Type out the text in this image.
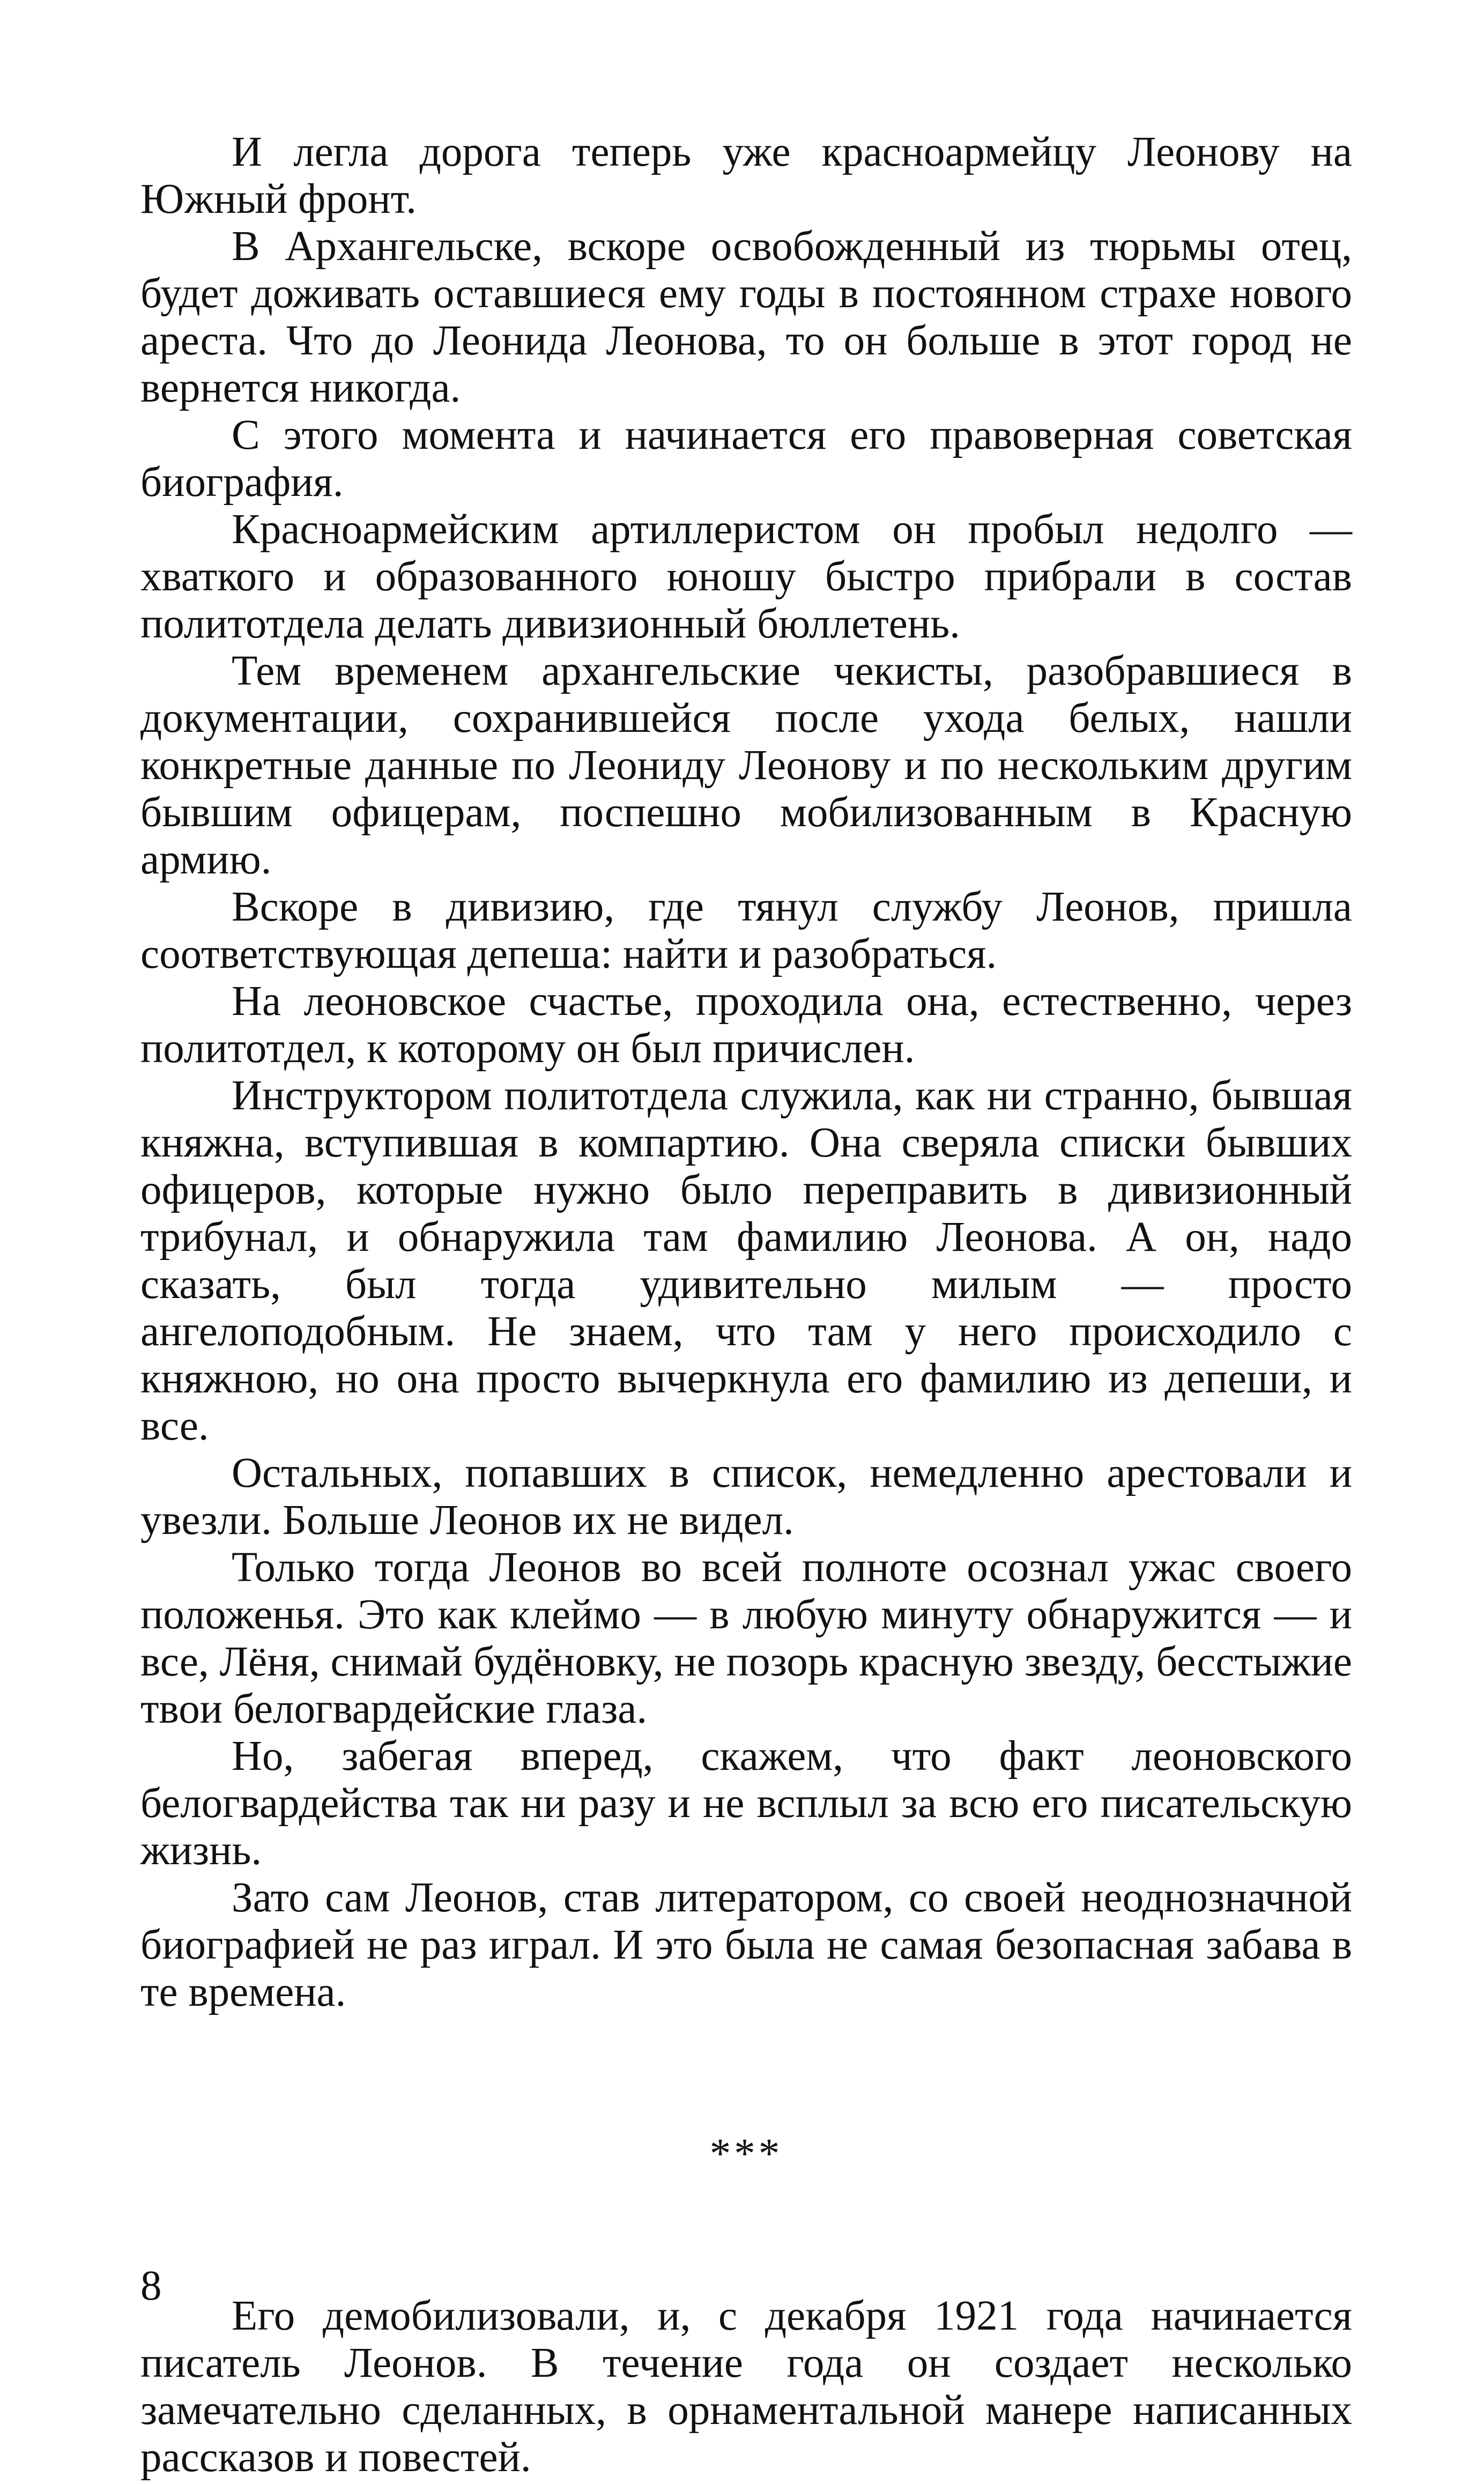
И легла дорога теперь уже красноармейцу Леонову на Южный фронт.

В Архангельске, вскоре освобожденный из тюрьмы отец, будет доживать оставшиеся ему годы в постоянном страхе нового ареста. Что до Леонида Леонова, то он больше в этот город не вернется никогда.

С этого момента и начинается его правоверная советская биография.

Красноармейским артиллеристом он пробыл недолго — хваткого и образованного юношу быстро прибрали в состав политотдела делать дивизионный бюллетень.

Тем временем архангельские чекисты, разобравшиеся в документации, сохранившейся после ухода белых, нашли конкретные данные по Леониду Леонову и по нескольким другим бывшим офицерам, поспешно мобилизованным в Красную армию.

Вскоре в дивизию, где тянул службу Леонов, пришла соответствующая депеша: найти и разобраться.

На леоновское счастье, проходила она, естественно, через политотдел, к которому он был причислен.

Инструктором политотдела служила, как ни странно, бывшая княжна, вступившая в компартию. Она сверяла списки бывших офицеров, которые нужно было переправить в дивизионный трибунал, и обнаружила там фамилию Леонова. А он, надо сказать, был тогда удивительно милым — просто ангелоподобным. Не знаем, что там у него происходило с княжною, но она просто вычеркнула его фамилию из депеши, и все.

Остальных, попавших в список, немедленно арестовали и увезли. Больше Леонов их не видел.

Только тогда Леонов во всей полноте осознал ужас своего положенья. Это как клеймо — в любую минуту обнаружится — и все, Лёня, снимай будёновку, не позорь красную звезду, бесстыжие твои белогвардейские глаза.

Но, забегая вперед, скажем, что факт леоновского белогвардейства так ни разу и не всплыл за всю его писательскую жизнь.

Зато сам Леонов, став литератором, со своей неоднозначной биографией не раз играл. И это была не самая безопасная забава в те времена.

***

Его демобилизовали, и, с декабря 1921 года начинается писатель Леонов. В течение года он создает несколько замечательно сделанных, в орнаментальной манере написанных рассказов и повестей.

8
